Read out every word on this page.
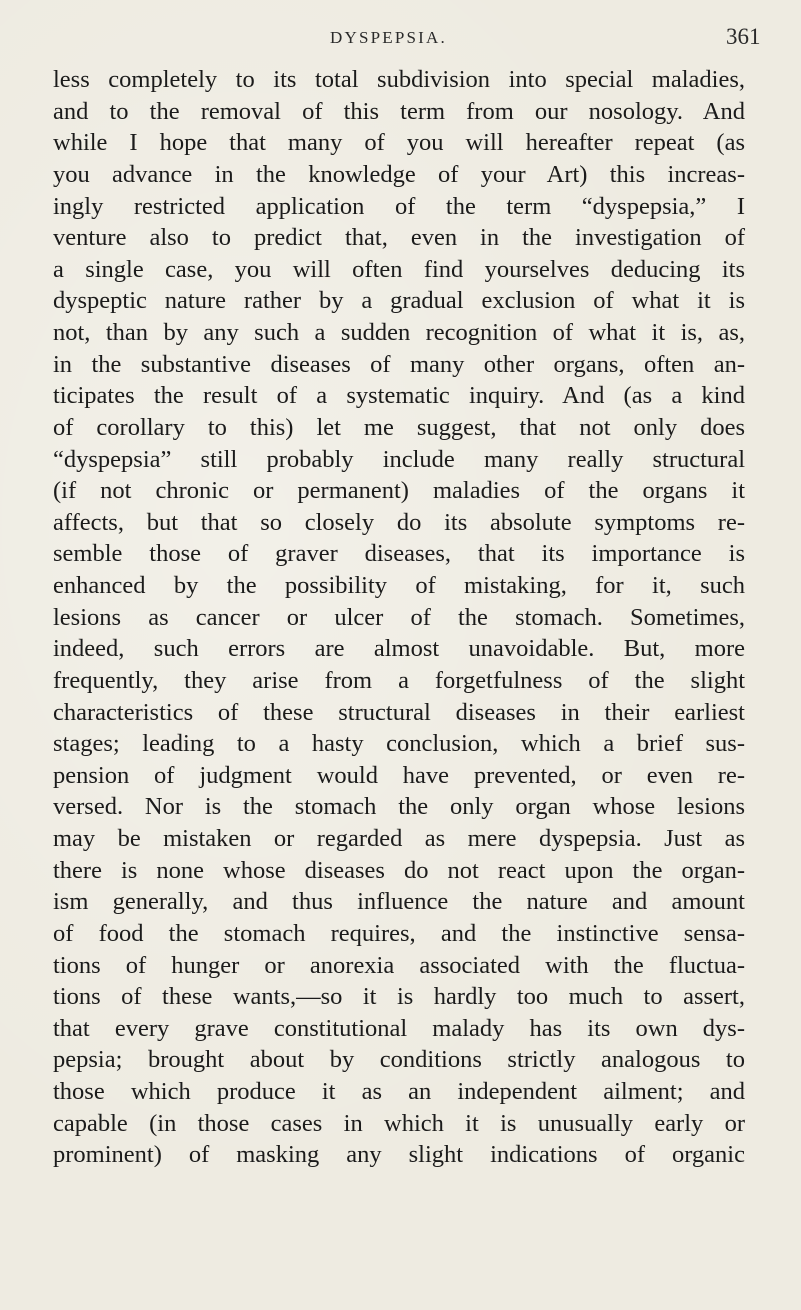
DYSPEPSIA.	361
less completely to its total subdivision into special maladies,
and to the removal of this term from our nosology. And
while I hope that many of you will hereafter repeat (as
you advance in the knowledge of your Art) this increas-
ingly restricted application of the term “dyspepsia,” I
venture also to predict that, even in the investigation of
a single case, you will often find yourselves deducing its
dyspeptic nature rather by a gradual exclusion of what it is
not, than by any such a sudden recognition of what it is, as,
in the substantive diseases of many other organs, often an-
ticipates the result of a systematic inquiry. And (as a kind
of corollary to this) let me suggest, that not only does
“dyspepsia” still probably include many really structural
(if not chronic or permanent) maladies of the organs it
affects, but that so closely do its absolute symptoms re-
semble those of graver diseases, that its importance is
enhanced by the possibility of mistaking, for it, such
lesions as cancer or ulcer of the stomach. Sometimes,
indeed, such errors are almost unavoidable. But, more
frequently, they arise from a forgetfulness of the slight
characteristics of these structural diseases in their earliest
stages; leading to a hasty conclusion, which a brief sus-
pension of judgment would have prevented, or even re-
versed. Nor is the stomach the only organ whose lesions
may be mistaken or regarded as mere dyspepsia. Just as
there is none whose diseases do not react upon the organ-
ism generally, and thus influence the nature and amount
of food the stomach requires, and the instinctive sensa-
tions of hunger or anorexia associated with the fluctua-
tions of these wants,—so it is hardly too much to assert,
that every grave constitutional malady has its own dys-
pepsia; brought about by conditions strictly analogous to
those which produce it as an independent ailment; and
capable (in those cases in which it is unusually early or
prominent) of masking any slight indications of organic
